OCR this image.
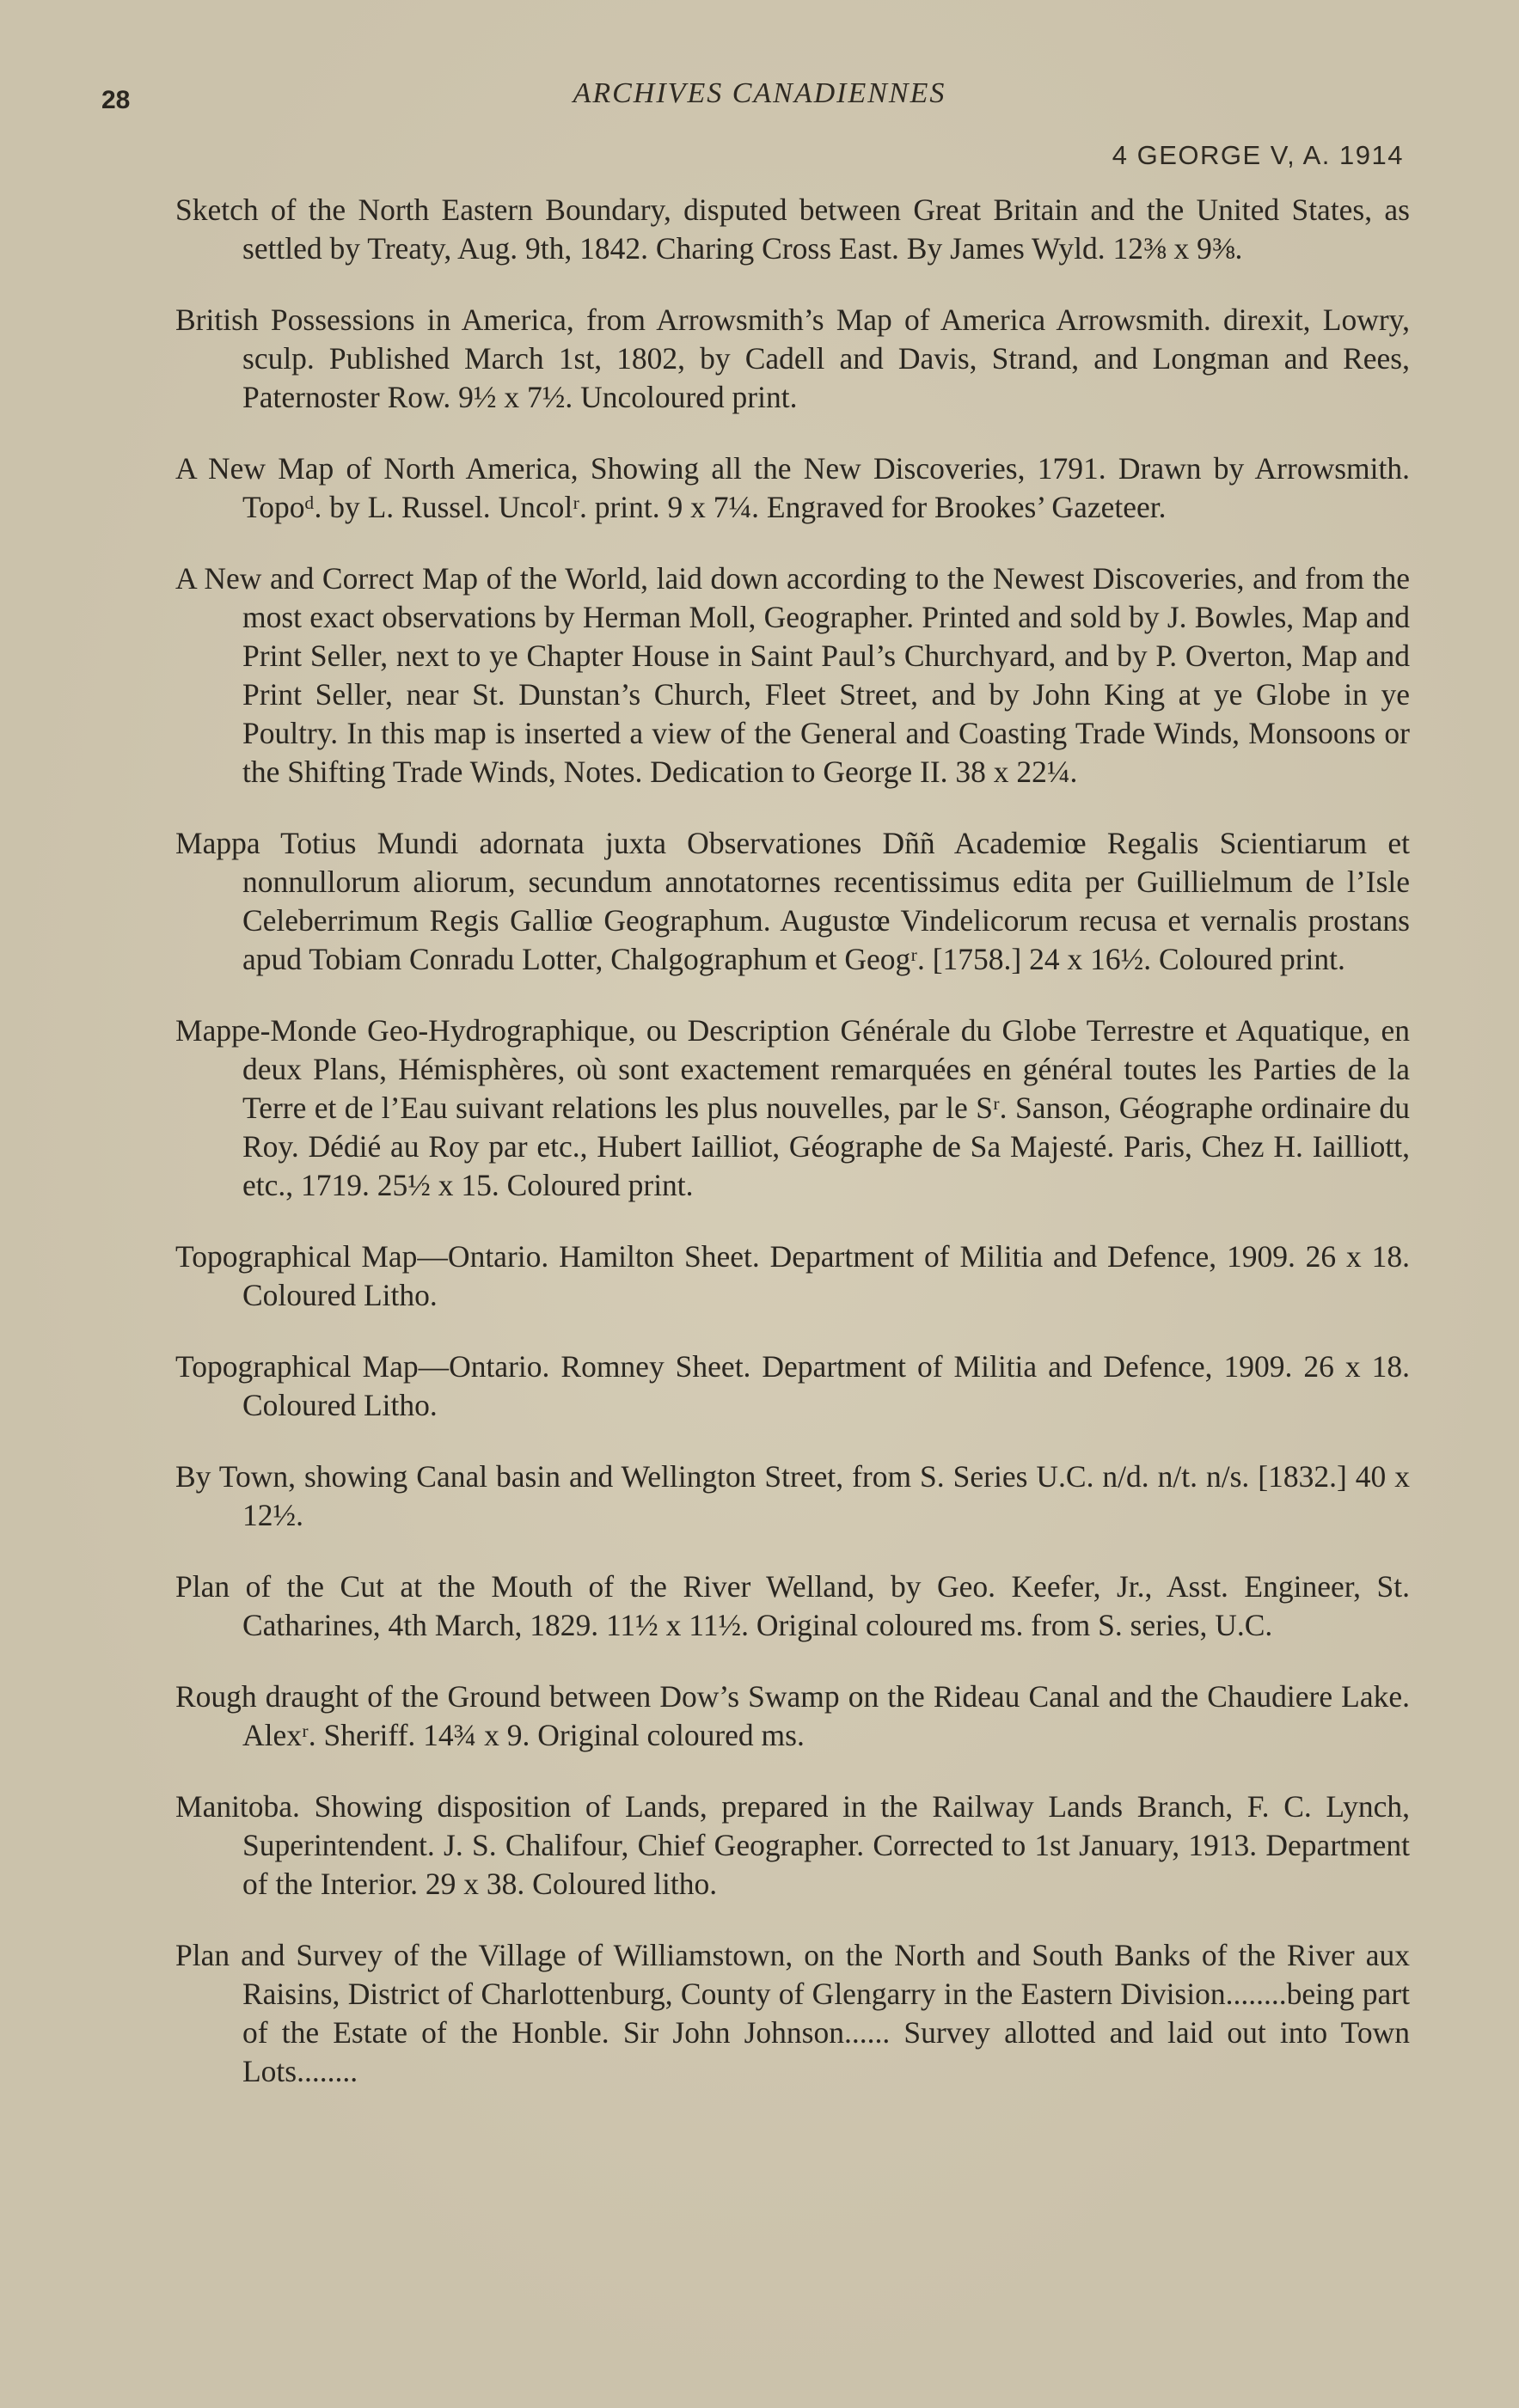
28	ARCHIVES CANADIENNES
4 GEORGE V, A. 1914

Sketch of the North Eastern Boundary, disputed between Great Britain and the United States, as settled by Treaty, Aug. 9th, 1842. Charing Cross East. By James Wyld. 12⅜ x 9⅜.

British Possessions in America, from Arrowsmith’s Map of America Arrowsmith. direxit, Lowry, sculp. Published March 1st, 1802, by Cadell and Davis, Strand, and Longman and Rees, Paternoster Row. 9½ x 7½. Uncoloured print.

A New Map of North America, Showing all the New Discoveries, 1791. Drawn by Arrowsmith. Topoᵈ. by L. Russel. Uncolʳ. print. 9 x 7¼. Engraved for Brookes’ Gazeteer.

A New and Correct Map of the World, laid down according to the Newest Discoveries, and from the most exact observations by Herman Moll, Geographer. Printed and sold by J. Bowles, Map and Print Seller, next to ye Chapter House in Saint Paul’s Churchyard, and by P. Overton, Map and Print Seller, near St. Dunstan’s Church, Fleet Street, and by John King at ye Globe in ye Poultry. In this map is inserted a view of the General and Coasting Trade Winds, Monsoons or the Shifting Trade Winds, Notes. Dedication to George II. 38 x 22¼.

Mappa Totius Mundi adornata juxta Observationes Dññ Academiœ Regalis Scientiarum et nonnullorum aliorum, secundum annotatornes recentissimus edita per Guillielmum de l’Isle Celeberrimum Regis Galliœ Geographum. Augustœ Vindelicorum recusa et vernalis prostans apud Tobiam Conradu Lotter, Chalgographum et Geogʳ. [1758.] 24 x 16½. Coloured print.

Mappe-Monde Geo-Hydrographique, ou Description Générale du Globe Terrestre et Aquatique, en deux Plans, Hémisphères, où sont exactement remarquées en général toutes les Parties de la Terre et de l’Eau suivant relations les plus nouvelles, par le Sʳ. Sanson, Géographe ordinaire du Roy. Dédié au Roy par etc., Hubert Iailliot, Géographe de Sa Majesté. Paris, Chez H. Iailliott, etc., 1719. 25½ x 15. Coloured print.

Topographical Map—Ontario. Hamilton Sheet. Department of Militia and Defence, 1909. 26 x 18. Coloured Litho.

Topographical Map—Ontario. Romney Sheet. Department of Militia and Defence, 1909. 26 x 18. Coloured Litho.

By Town, showing Canal basin and Wellington Street, from S. Series U.C. n/d. n/t. n/s. [1832.] 40 x 12½.

Plan of the Cut at the Mouth of the River Welland, by Geo. Keefer, Jr., Asst. Engineer, St. Catharines, 4th March, 1829. 11½ x 11½. Original coloured ms. from S. series, U.C.

Rough draught of the Ground between Dow’s Swamp on the Rideau Canal and the Chaudiere Lake. Alexʳ. Sheriff. 14¾ x 9. Original coloured ms.

Manitoba. Showing disposition of Lands, prepared in the Railway Lands Branch, F. C. Lynch, Superintendent. J. S. Chalifour, Chief Geographer. Corrected to 1st January, 1913. Department of the Interior. 29 x 38. Coloured litho.

Plan and Survey of the Village of Williamstown, on the North and South Banks of the River aux Raisins, District of Charlottenburg, County of Glengarry in the Eastern Division........being part of the Estate of the Honble. Sir John Johnson...... Survey allotted and laid out into Town Lots........
